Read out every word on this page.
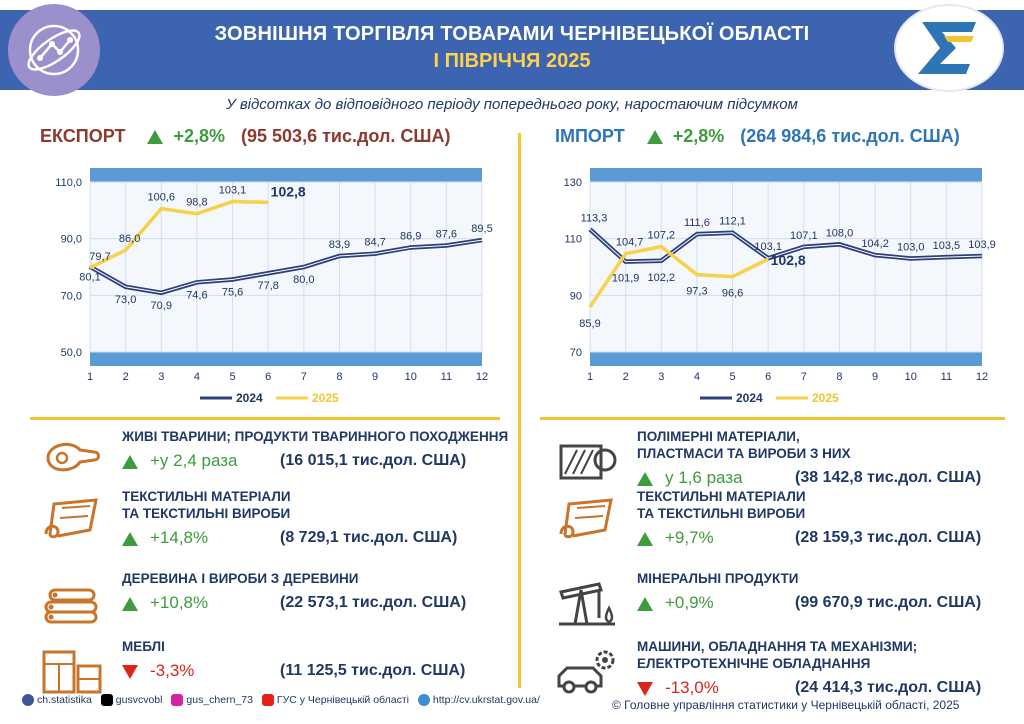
ЗОВНІШНЯ ТОРГІВЛЯ ТОВАРАМИ ЧЕРНІВЕЦЬКОЇ ОБЛАСТІ
І ПІВРІЧЧЯ 2025
У відсотках до відповідного періоду попереднього року, наростаючим підсумком
ЕКСПОРТ	+2,8% (95 503,6 тис.дол. США)	ІМПОРТ	+2,8% (264 984,6 тис.дол. США)
50,0
70,0
90,0
110,0
1	2	3	4	5	6	7	8	9 10 11 12
80,1
73,0 70,9
74,6 75,6
77,8
80,0
83,9 84,7
86,9 87,6 89,5
79,7
86,0
100,6 98,8
103,1 102,8
2024	2025
70
90
110
130
1	2	3	4	5	6	7	8	9 10 11 12
113,3
101,9 102,2
111,6 112,1
103,1
107,1 108,0
104,2 103,0 103,5 103,9
85,9
104,7
107,2
97,3 96,6
102,8
2024	2025
ЖИВІ ТВАРИНИ; ПРОДУКТИ ТВАРИННОГО ПОХОДЖЕННЯ
+у 2,4 раза	(16 015,1 тис.дол. США)
ТЕКСТИЛЬНІ МАТЕРІАЛИ
ТА ТЕКСТИЛЬНІ ВИРОБИ
+14,8%	(8 729,1 тис.дол. США)
ДЕРЕВИНА І ВИРОБИ З ДЕРЕВИНИ
+10,8%	(22 573,1 тис.дол. США)
МЕБЛІ
-3,3%	(11 125,5 тис.дол. США)
ПОЛІМЕРНІ МАТЕРІАЛИ,
ПЛАСТМАСИ ТА ВИРОБИ З НИХ
у 1,6 раза	(38 142,8 тис.дол. США)
ТЕКСТИЛЬНІ МАТЕРІАЛИ
ТА ТЕКСТИЛЬНІ ВИРОБИ
+9,7%	(28 159,3 тис.дол. США)
МІНЕРАЛЬНІ ПРОДУКТИ
+0,9%	(99 670,9 тис.дол. США)
МАШИНИ, ОБЛАДНАННЯ ТА МЕХАНІЗМИ;
ЕЛЕКТРОТЕХНІЧНЕ ОБЛАДНАННЯ
-13,0%	(24 414,3 тис.дол. США)
ch.statistika gusvcvobl gus_chern_73 ГУС у Чернівецькій області http://cv.ukrstat.gov.ua/	© Головне управління статистики у Чернівецькій області, 2025
